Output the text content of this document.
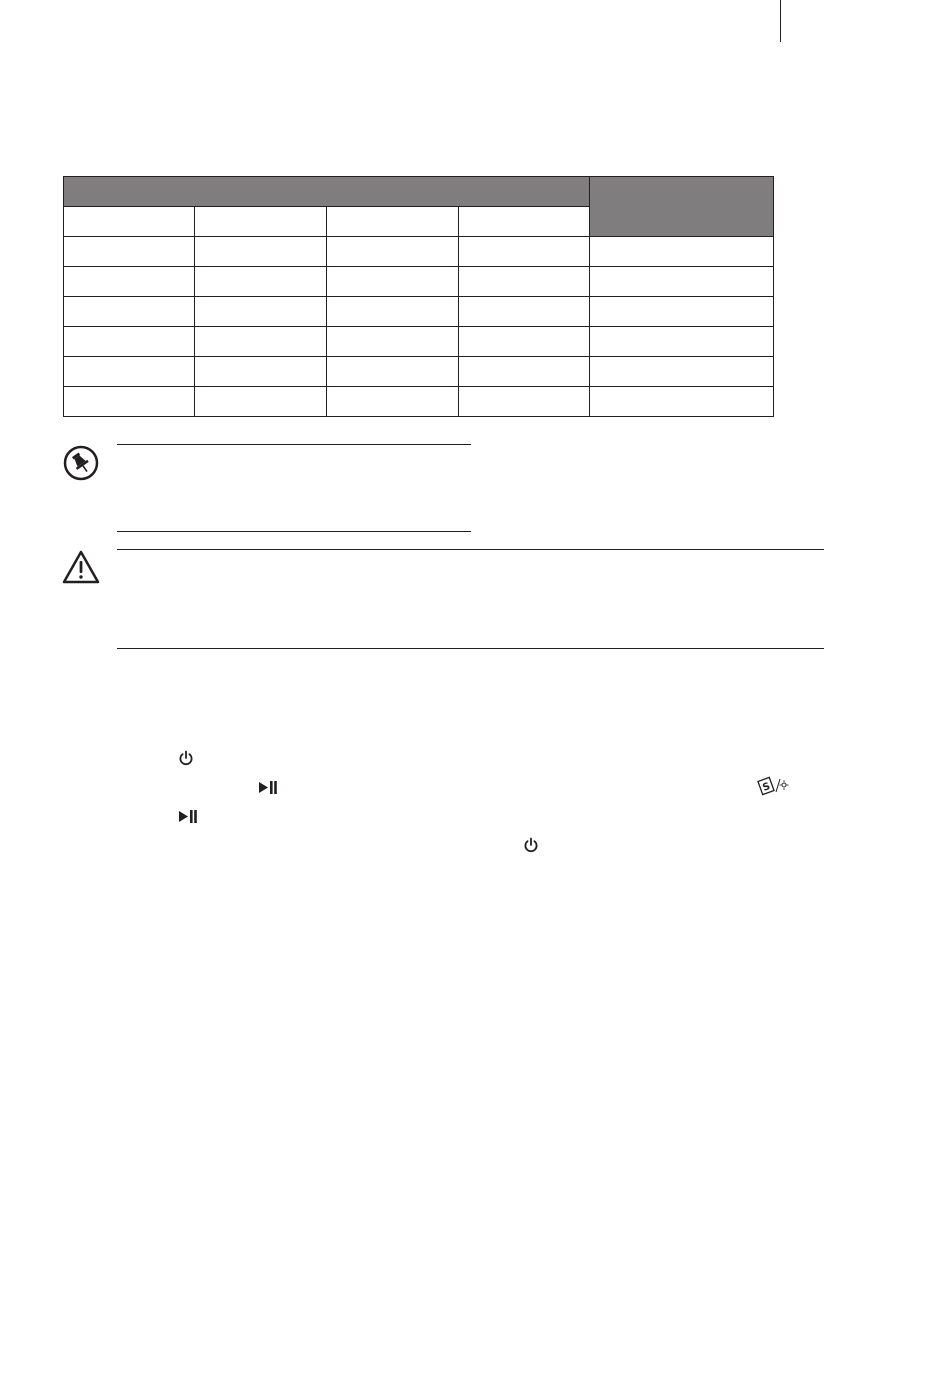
S
